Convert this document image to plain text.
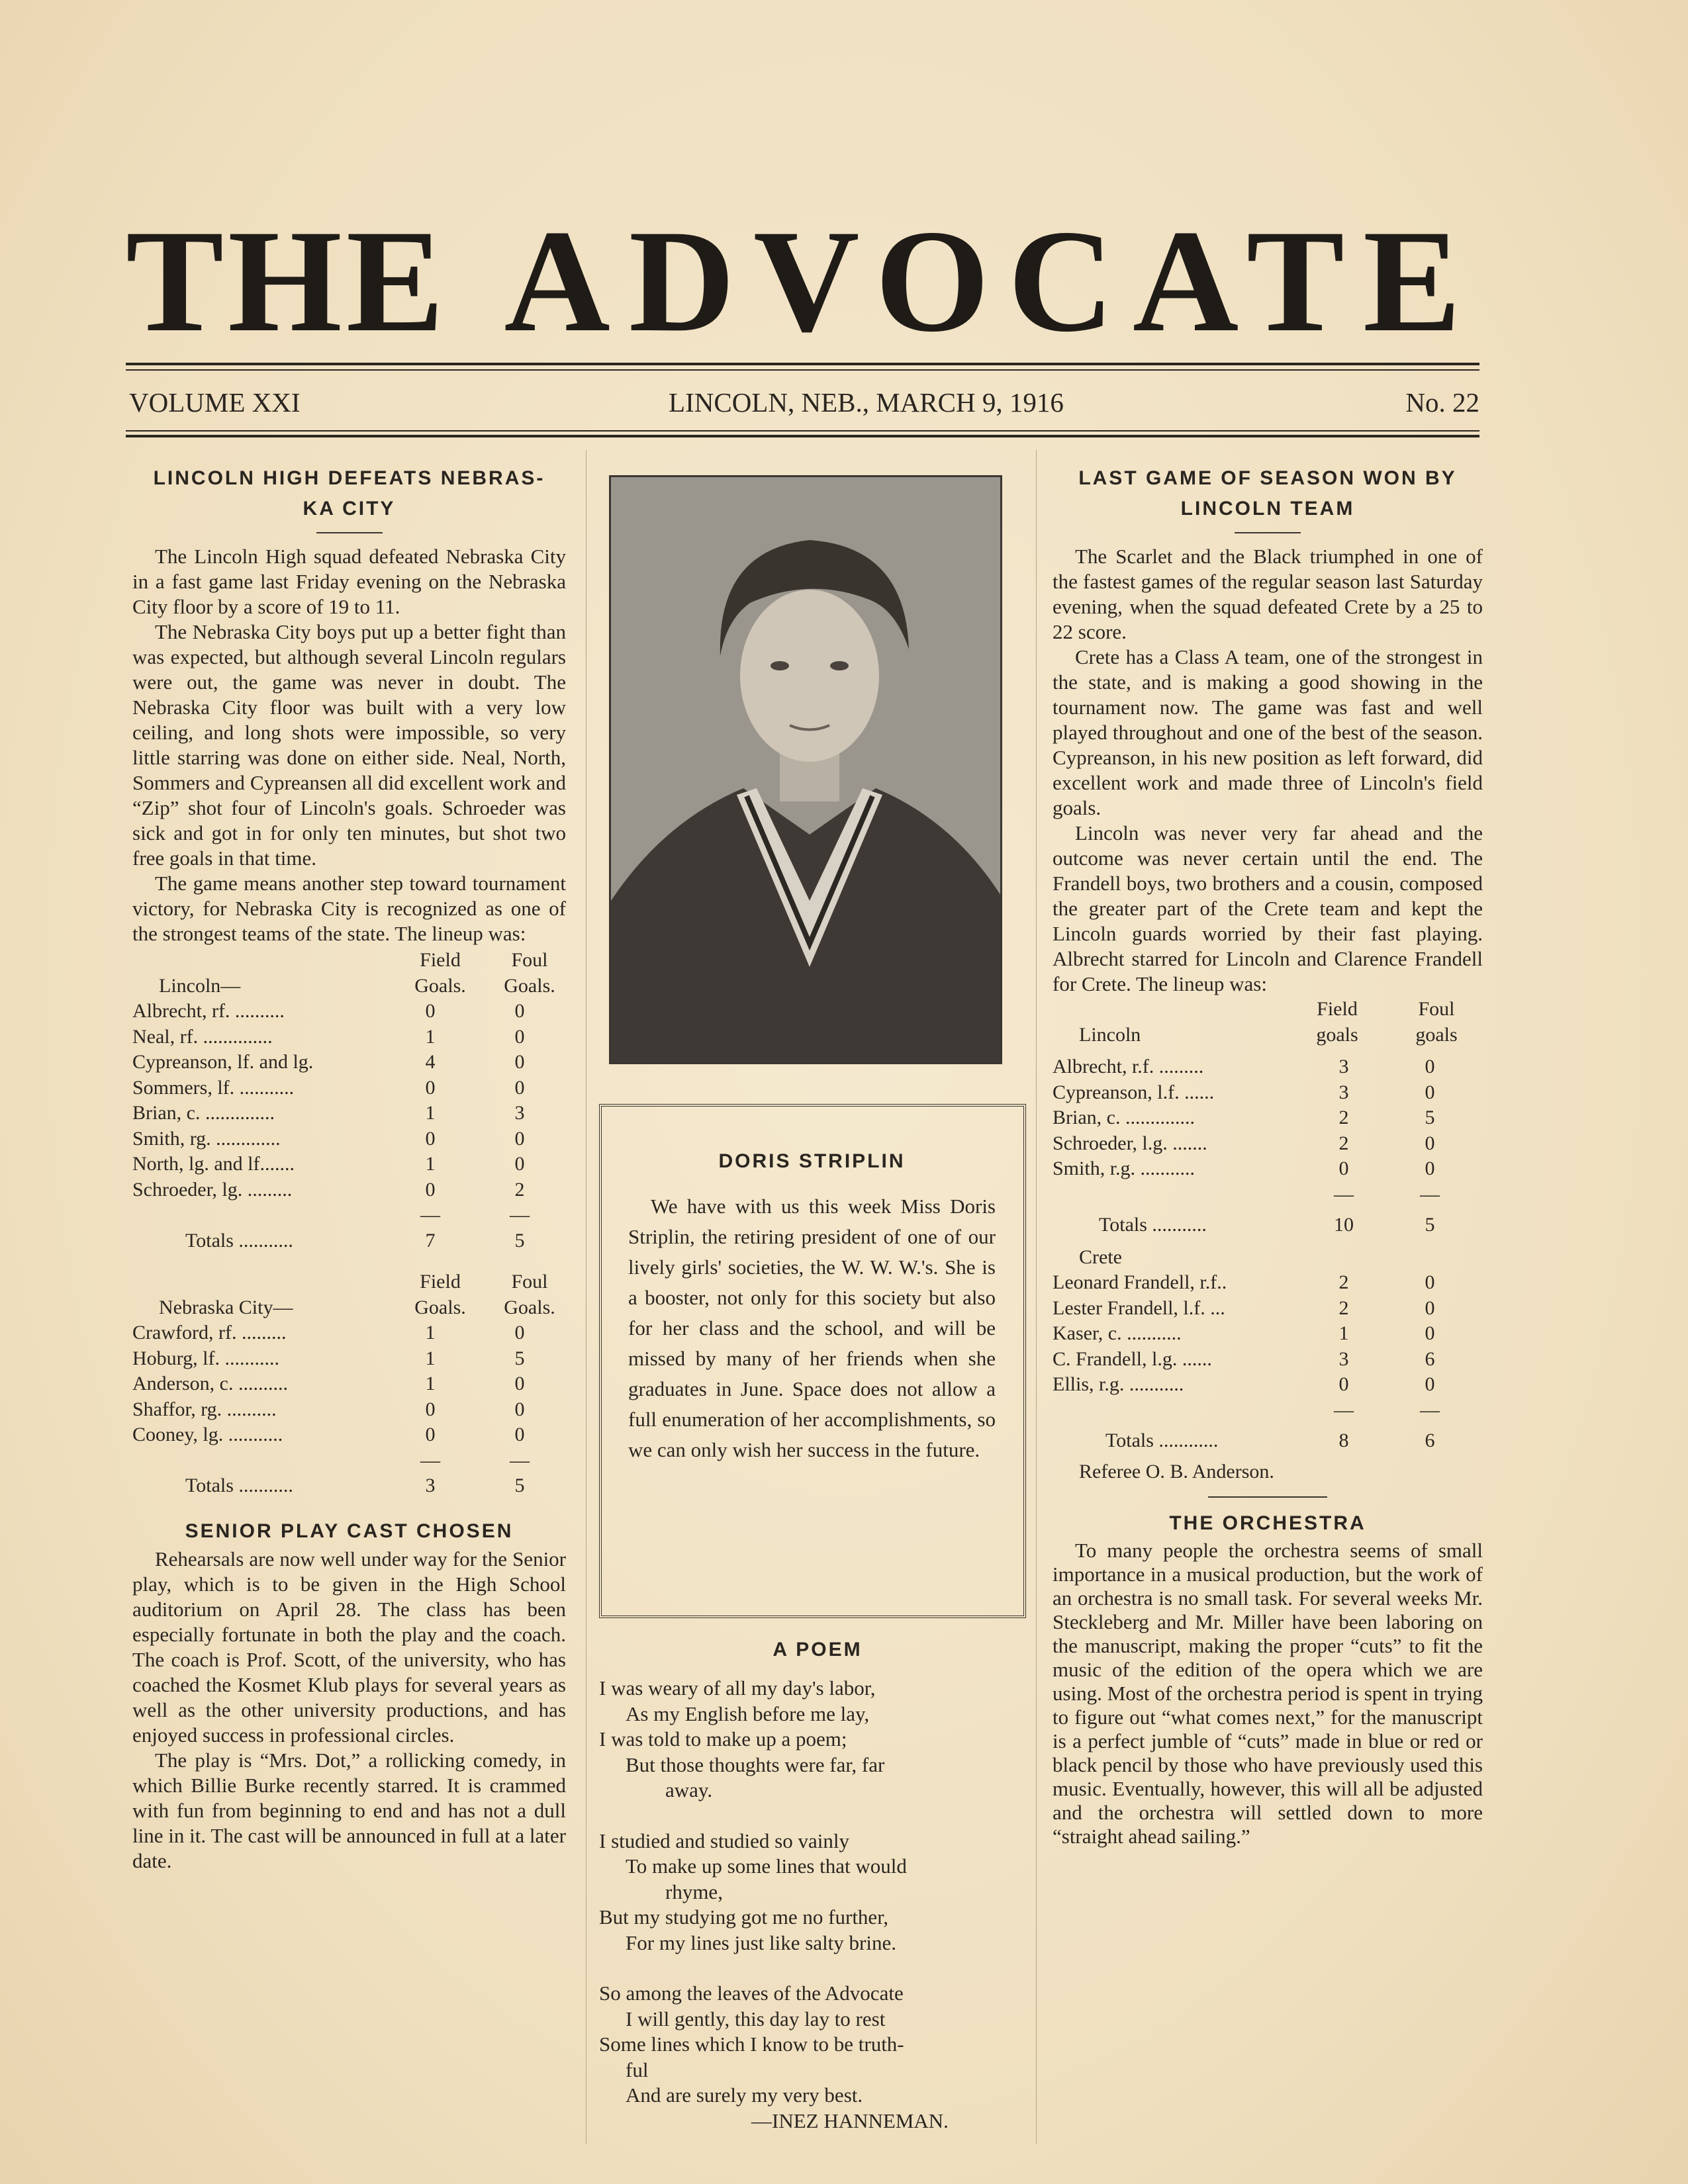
THE ADVOCATE
VOLUME XXI	LINCOLN, NEB., MARCH 9, 1916	No. 22
LINCOLN HIGH DEFEATS NEBRAS-
KA CITY

The Lincoln High squad defeated Nebraska City in a fast game last Friday evening on the Nebraska City floor by a score of 19 to 11.

The Nebraska City boys put up a better fight than was expected, but although several Lincoln regulars were out, the game was never in doubt. The Nebraska City floor was built with a very low ceiling, and long shots were impossible, so very little starring was done on either side. Neal, North, Sommers and Cypreansen all did excellent work and “Zip” shot four of Lincoln's goals. Schroeder was sick and got in for only ten minutes, but shot two free goals in that time.

The game means another step toward tournament victory, for Nebraska City is recognized as one of the strongest teams of the state. The lineup was:

Field	Foul
Lincoln—	Goals.	Goals.
Albrecht, rf. ..........	0	0
Neal, rf. ..............	1	0
Cypreanson, lf. and lg.	4	0
Sommers, lf. ...........	0	0
Brian, c. ..............	1	3
Smith, rg. .............	0	0
North, lg. and lf.......	1	0
Schroeder, lg. .........	0	2
—	—
Totals ...........	7	5
Field	Foul
Nebraska City—	Goals.	Goals.
Crawford, rf. .........	1	0
Hoburg, lf. ...........	1	5
Anderson, c. ..........	1	0
Shaffor, rg. ..........	0	0
Cooney, lg. ...........	0	0
—	—
Totals ...........	3	5
SENIOR PLAY CAST CHOSEN

Rehearsals are now well under way for the Senior play, which is to be given in the High School auditorium on April 28. The class has been especially fortunate in both the play and the coach. The coach is Prof. Scott, of the university, who has coached the Kosmet Klub plays for several years as well as the other university productions, and has enjoyed success in professional circles.

The play is “Mrs. Dot,” a rollicking comedy, in which Billie Burke recently starred. It is crammed with fun from beginning to end and has not a dull line in it. The cast will be announced in full at a later date.

DORIS STRIPLIN
We have with us this week Miss Doris Striplin, the retiring president of one of our lively girls' societies, the W. W. W.'s. She is a booster, not only for this society but also for her class and the school, and will be missed by many of her friends when she graduates in June. Space does not allow a full enumeration of her accomplishments, so we can only wish her success in the future.
A POEM
I was weary of all my day's labor,
As my English before me lay,
I was told to make up a poem;
But those thoughts were far, far
away.
I studied and studied so vainly
To make up some lines that would
rhyme,
But my studying got me no further,
For my lines just like salty brine.
So among the leaves of the Advocate
I will gently, this day lay to rest
Some lines which I know to be truth-
ful
And are surely my very best.
—INEZ HANNEMAN.
LAST GAME OF SEASON WON BY
LINCOLN TEAM

The Scarlet and the Black triumphed in one of the fastest games of the regular season last Saturday evening, when the squad defeated Crete by a 25 to 22 score.

Crete has a Class A team, one of the strongest in the state, and is making a good showing in the tournament now. The game was fast and well played throughout and one of the best of the season. Cypreanson, in his new position as left forward, did excellent work and made three of Lincoln's field goals.

Lincoln was never very far ahead and the outcome was never certain until the end. The Frandell boys, two brothers and a cousin, composed the greater part of the Crete team and kept the Lincoln guards worried by their fast playing. Albrecht starred for Lincoln and Clarence Frandell for Crete. The lineup was:

Field	Foul
Lincoln	goals	goals
Albrecht, r.f. .........	3	0
Cypreanson, l.f. ......	3	0
Brian, c. ..............	2	5
Schroeder, l.g. .......	2	0
Smith, r.g. ...........	0	0
—	—
Totals ...........	10	5
Crete
Leonard Frandell, r.f..	2	0
Lester Frandell, l.f. ...	2	0
Kaser, c. ...........	1	0
C. Frandell, l.g. ......	3	6
Ellis, r.g. ...........	0	0
—	—
Totals ............	8	6
Referee O. B. Anderson.
THE ORCHESTRA

To many people the orchestra seems of small importance in a musical production, but the work of an orchestra is no small task. For several weeks Mr. Steckleberg and Mr. Miller have been laboring on the manuscript, making the proper “cuts” to fit the music of the edition of the opera which we are using. Most of the orchestra period is spent in trying to figure out “what comes next,” for the manuscript is a perfect jumble of “cuts” made in blue or red or black pencil by those who have previously used this music. Eventually, however, this will all be adjusted and the orchestra will settled down to more “straight ahead sailing.”
